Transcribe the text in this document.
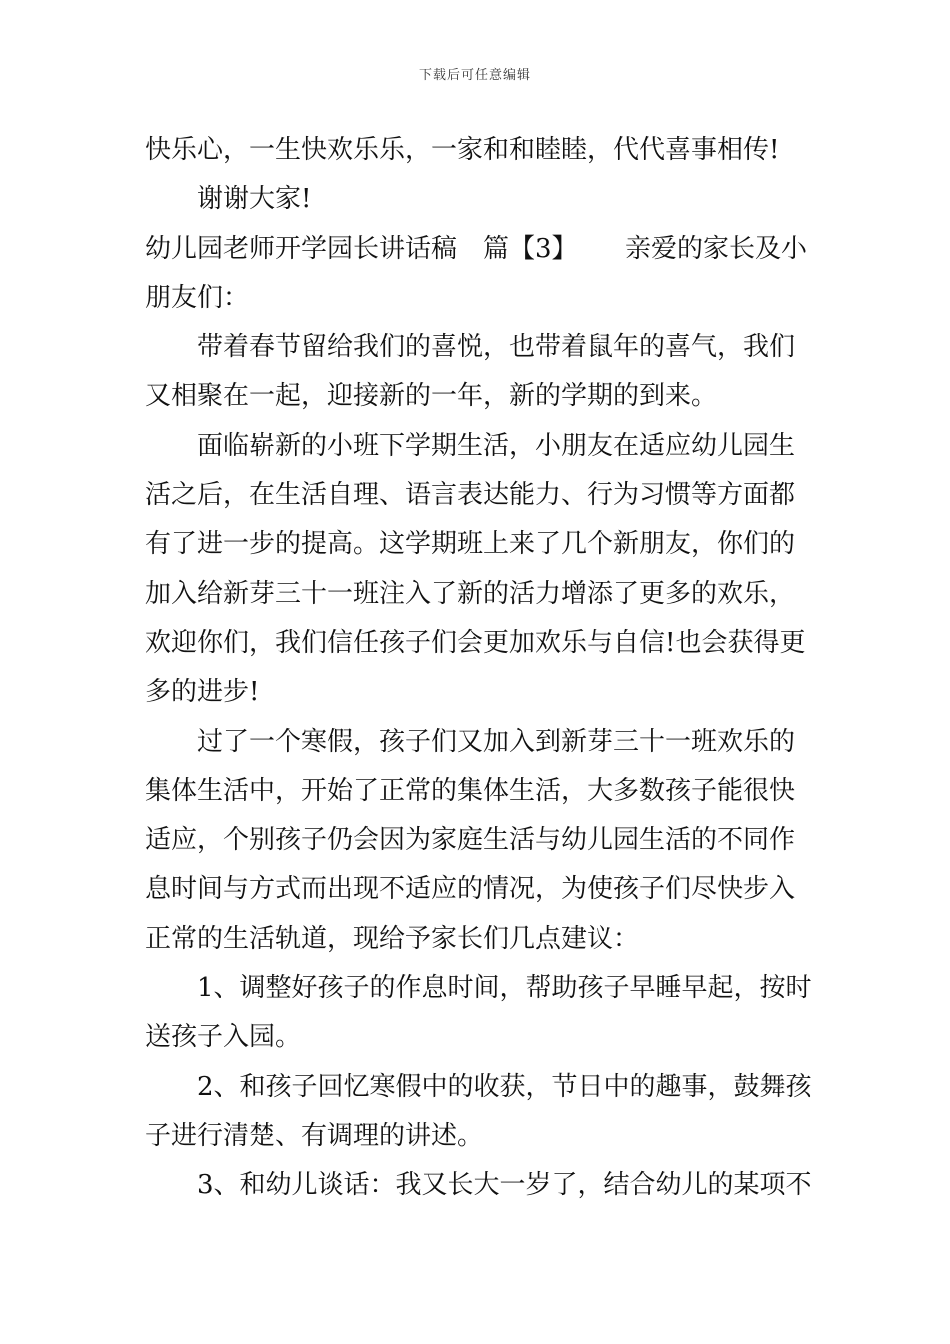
下载后可任意编辑
快乐心，一生快欢乐乐，一家和和睦睦，代代喜事相传!
谢谢大家!
幼儿园老师开学园长讲话稿 篇【3】 亲爱的家长及小
朋友们：
带着春节留给我们的喜悦，也带着鼠年的喜气，我们
又相聚在一起，迎接新的一年，新的学期的到来。
面临崭新的小班下学期生活，小朋友在适应幼儿园生
活之后，在生活自理、语言表达能力、行为习惯等方面都
有了进一步的提高。这学期班上来了几个新朋友，你们的
加入给新芽三十一班注入了新的活力增添了更多的欢乐，
欢迎你们，我们信任孩子们会更加欢乐与自信!也会获得更
多的进步!
过了一个寒假，孩子们又加入到新芽三十一班欢乐的
集体生活中，开始了正常的集体生活，大多数孩子能很快
适应，个别孩子仍会因为家庭生活与幼儿园生活的不同作
息时间与方式而出现不适应的情况，为使孩子们尽快步入
正常的生活轨道，现给予家长们几点建议：
1、调整好孩子的作息时间，帮助孩子早睡早起，按时
送孩子入园。
2、和孩子回忆寒假中的收获，节日中的趣事，鼓舞孩
子进行清楚、有调理的讲述。
3、和幼儿谈话：我又长大一岁了，结合幼儿的某项不
